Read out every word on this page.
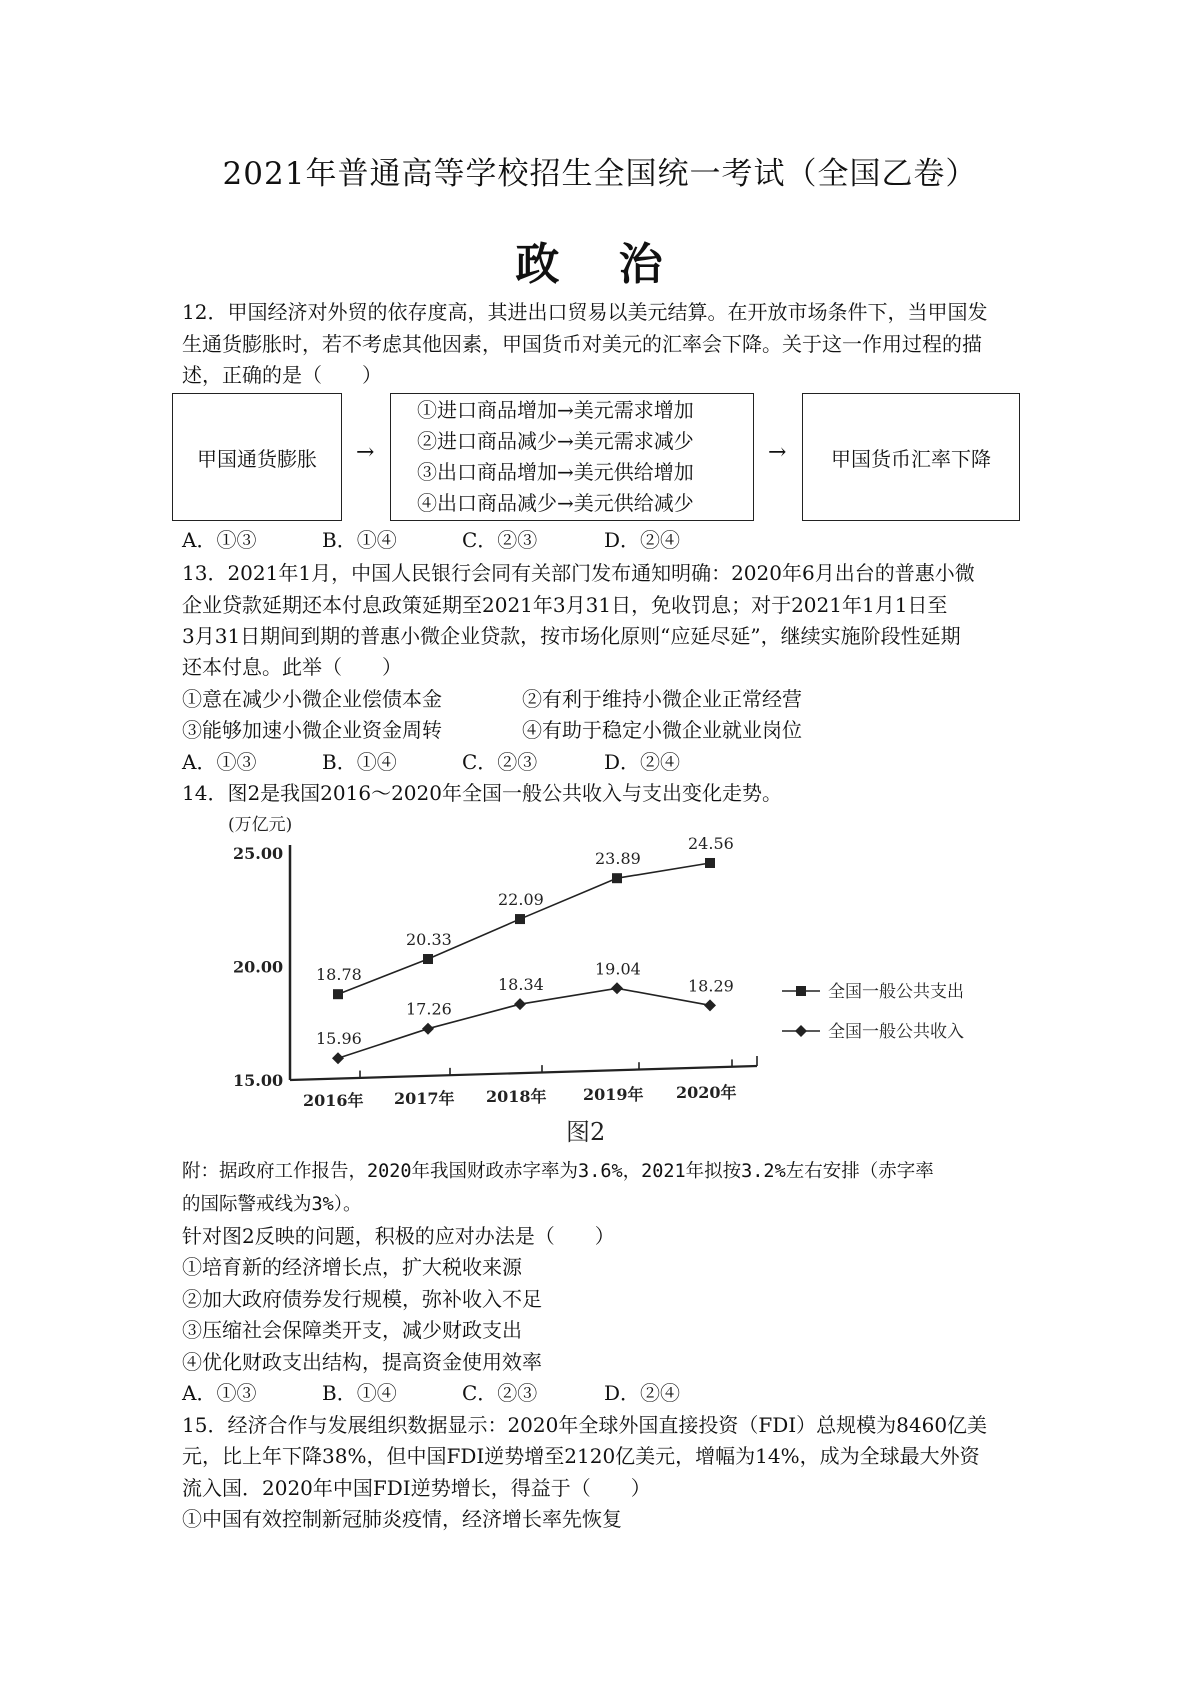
2021年普通高等学校招生全国统一考试（全国乙卷）
政 治
12．甲国经济对外贸的依存度高，其进出口贸易以美元结算。在开放市场条件下，当甲国发
生通货膨胀时，若不考虑其他因素，甲国货币对美元的汇率会下降。关于这一作用过程的描
述，正确的是（　　）
甲国通货膨胀	→
①进口商品增加→美元需求增加
②进口商品减少→美元需求减少
③出口商品增加→美元供给增加
④出口商品减少→美元供给减少
→	甲国货币汇率下降
A．①③	B．①④	C．②③	D．②④
13．2021年1月，中国人民银行会同有关部门发布通知明确：2020年6月出台的普惠小微
企业贷款延期还本付息政策延期至2021年3月31日，免收罚息；对于2021年1月1日至
3月31日期间到期的普惠小微企业贷款，按市场化原则“应延尽延”，继续实施阶段性延期
还本付息。此举（　　）
①意在减少小微企业偿债本金	②有利于维持小微企业正常经营
③能够加速小微企业资金周转	④有助于稳定小微企业就业岗位
A．①③	B．①④	C．②③	D．②④
14．图2是我国2016～2020年全国一般公共收入与支出变化走势。
(万亿元)
15.00
20.00
25.00
2016年 2017年 2018年 2019年 2020年
18.78
20.33
22.09
23.89
24.56
15.96
17.26
18.34
19.04
18.29	全国一般公共支出
全国一般公共收入
图2
附：据政府工作报告，2020年我国财政赤字率为3.6%，2021年拟按3.2%左右安排（赤字率
的国际警戒线为3%）。
针对图2反映的问题，积极的应对办法是（　　）
①培育新的经济增长点，扩大税收来源
②加大政府债券发行规模，弥补收入不足
③压缩社会保障类开支，减少财政支出
④优化财政支出结构，提高资金使用效率
A．①③	B．①④	C．②③	D．②④
15．经济合作与发展组织数据显示：2020年全球外国直接投资（FDI）总规模为8460亿美
元，比上年下降38%，但中国FDI逆势增至2120亿美元，增幅为14%，成为全球最大外资
流入国．2020年中国FDI逆势增长，得益于（　　）
①中国有效控制新冠肺炎疫情，经济增长率先恢复
